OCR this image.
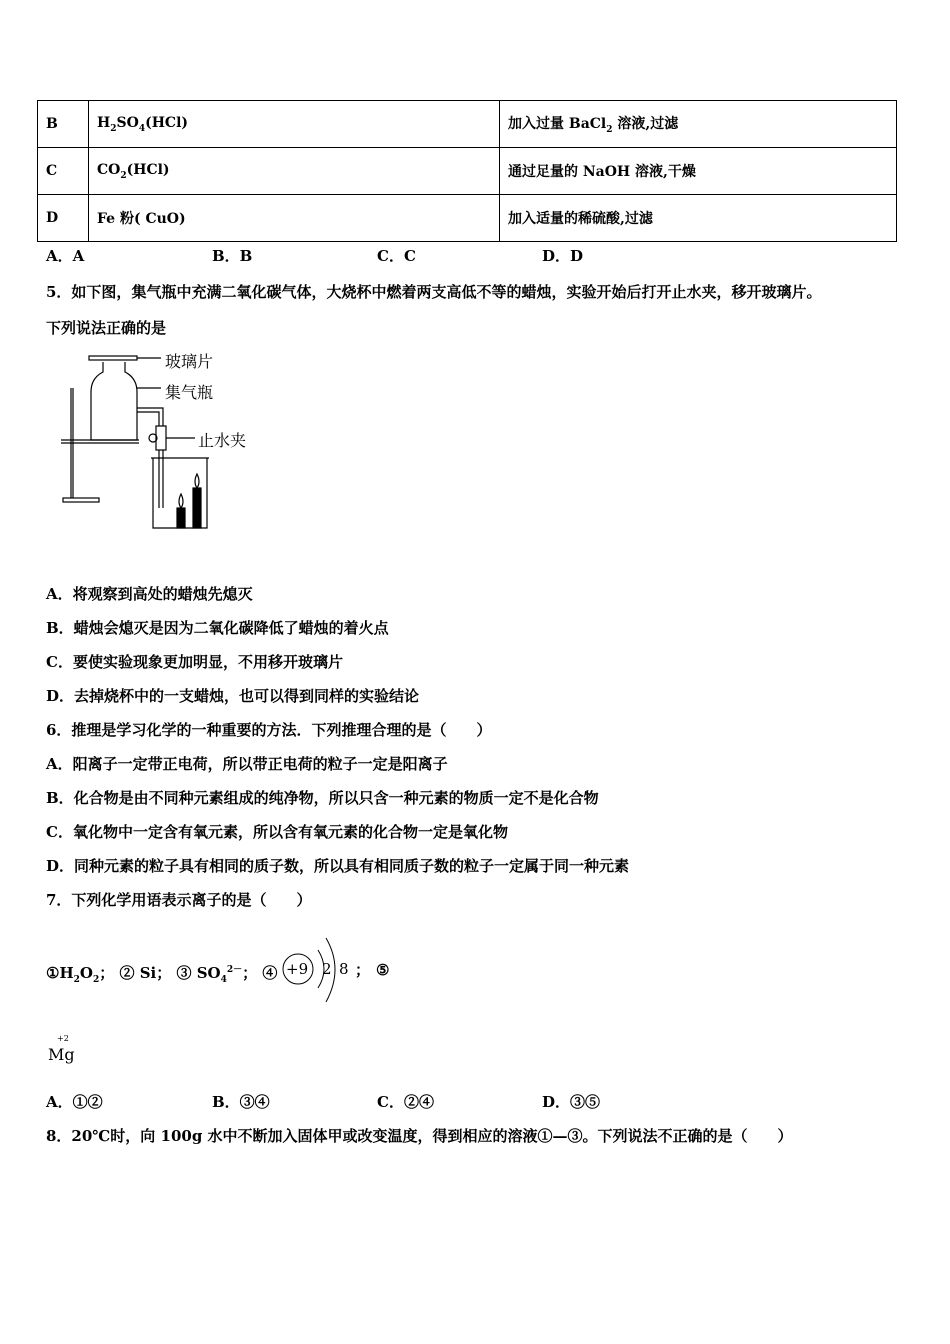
B	$H_2SO_4(HCl)$	加入过量 BaCl$_2$ 溶液,过滤
C	$CO_2(HCl)$	通过足量的 NaOH 溶液,干燥
D	Fe 粉( CuO)	加入适量的稀硫酸,过滤
A．A	B．B	C．C	D．D
5．如下图，集气瓶中充满二氧化碳气体，大烧杯中燃着两支高低不等的蜡烛，实验开始后打开止水夹，移开玻璃片。
下列说法正确的是
玻璃片
集气瓶
止水夹
A．将观察到高处的蜡烛先熄灭
B．蜡烛会熄灭是因为二氧化碳降低了蜡烛的着火点
C．要使实验现象更加明显，不用移开玻璃片
D．去掉烧杯中的一支蜡烛，也可以得到同样的实验结论
6．推理是学习化学的一种重要的方法．下列推理合理的是（　　）
A．阳离子一定带正电荷，所以带正电荷的粒子一定是阳离子
B．化合物是由不同种元素组成的纯净物，所以只含一种元素的物质一定不是化合物
C．氧化物中一定含有氧元素，所以含有氧元素的化合物一定是氧化物
D．同种元素的粒子具有相同的质子数，所以具有相同质子数的粒子一定属于同一种元素
7．下列化学用语表示离子的是（　　）
$①H_2O_2$； ② Si； ③ $SO_4^{2-}$； ④ +9 2 8 ； ⑤
+2
Mg
A．①②	B．③④	C．②④	D．③⑤
8．20℃时，向 100g 水中不断加入固体甲或改变温度，得到相应的溶液①—③。下列说法不正确的是（　　）
